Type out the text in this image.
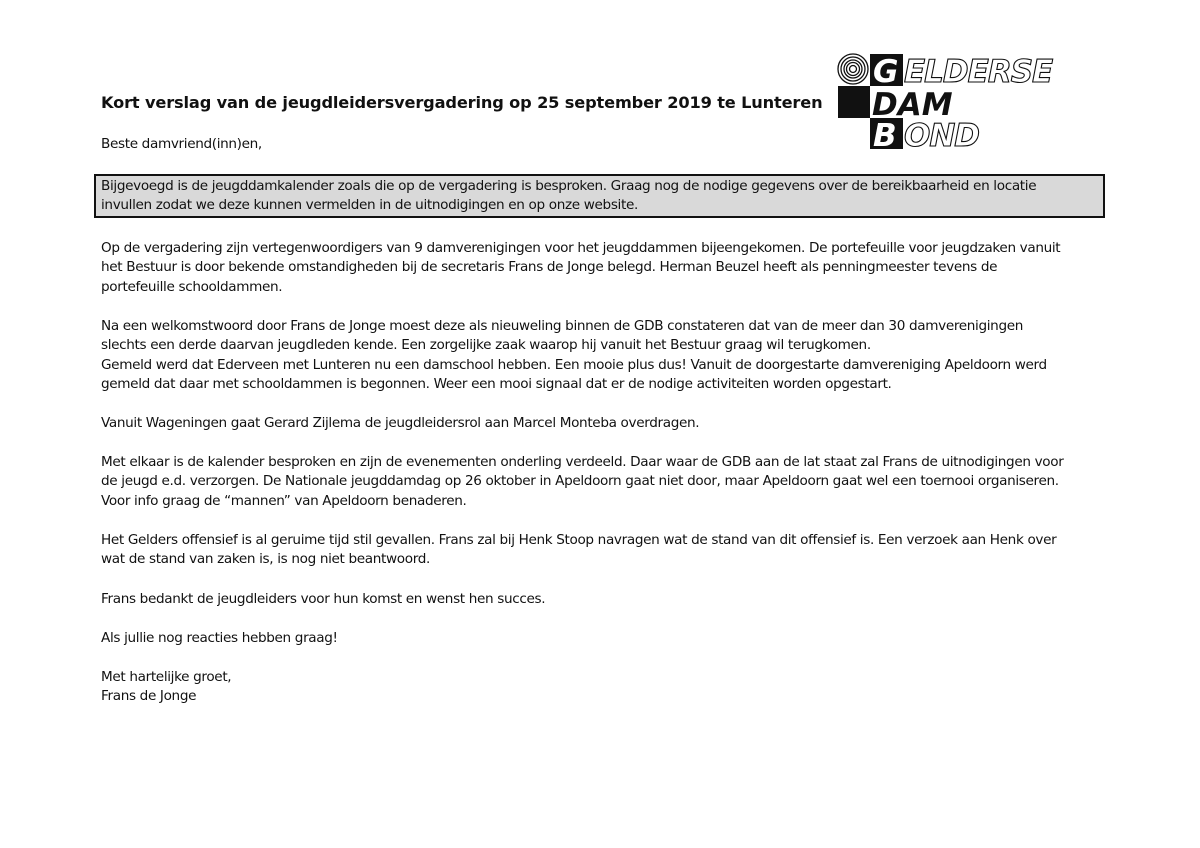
G ELDERSE
DAM
B OND
Kort verslag van de jeugdleidersvergadering op 25 september 2019 te Lunteren
Beste damvriend(inn)en,
Bijgevoegd is de jeugddamkalender zoals die op de vergadering is besproken. Graag nog de nodige gegevens over de bereikbaarheid en locatie
invullen zodat we deze kunnen vermelden in de uitnodigingen en op onze website.
Op de vergadering zijn vertegenwoordigers van 9 damverenigingen voor het jeugddammen bijeengekomen. De portefeuille voor jeugdzaken vanuit
het Bestuur is door bekende omstandigheden bij de secretaris Frans de Jonge belegd. Herman Beuzel heeft als penningmeester tevens de
portefeuille schooldammen.
Na een welkomstwoord door Frans de Jonge moest deze als nieuweling binnen de GDB constateren dat van de meer dan 30 damverenigingen
slechts een derde daarvan jeugdleden kende. Een zorgelijke zaak waarop hij vanuit het Bestuur graag wil terugkomen.
Gemeld werd dat Ederveen met Lunteren nu een damschool hebben. Een mooie plus dus! Vanuit de doorgestarte damvereniging Apeldoorn werd
gemeld dat daar met schooldammen is begonnen. Weer een mooi signaal dat er de nodige activiteiten worden opgestart.
Vanuit Wageningen gaat Gerard Zijlema de jeugdleidersrol aan Marcel Monteba overdragen.
Met elkaar is de kalender besproken en zijn de evenementen onderling verdeeld. Daar waar de GDB aan de lat staat zal Frans de uitnodigingen voor
de jeugd e.d. verzorgen. De Nationale jeugddamdag op 26 oktober in Apeldoorn gaat niet door, maar Apeldoorn gaat wel een toernooi organiseren.
Voor info graag de “mannen” van Apeldoorn benaderen.
Het Gelders offensief is al geruime tijd stil gevallen. Frans zal bij Henk Stoop navragen wat de stand van dit offensief is. Een verzoek aan Henk over
wat de stand van zaken is, is nog niet beantwoord.
Frans bedankt de jeugdleiders voor hun komst en wenst hen succes.
Als jullie nog reacties hebben graag!
Met hartelijke groet,
Frans de Jonge
